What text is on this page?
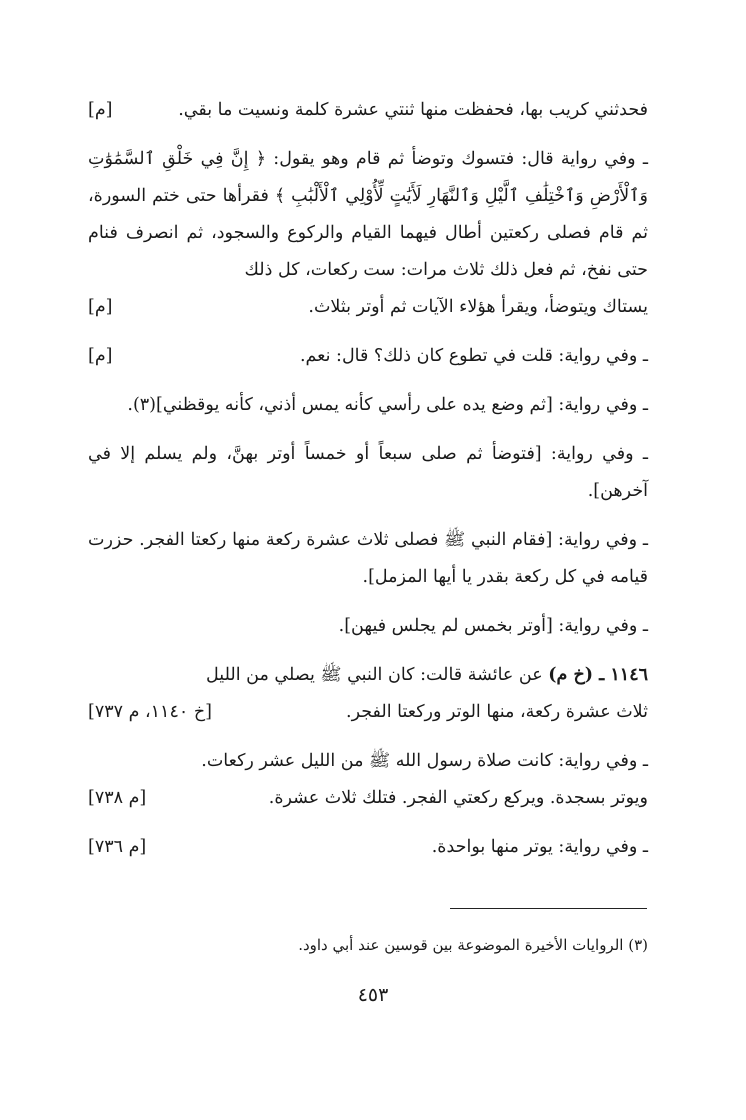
فحدثني كريب بها، فحفظت منها ثنتي عشرة كلمة ونسيت ما بقي.
[م]
ـ وفي رواية قال: فتسوك وتوضأ ثم قام وهو يقول: ﴿ إِنَّ فِي خَلْقِ ٱلسَّمَٰوَٰتِ وَٱلْأَرْضِ وَٱخْتِلَٰفِ ٱلَّيْلِ وَٱلنَّهَارِ لَأَيَٰتٍ لِّأُوْلِي ٱلْأَلْبَٰبِ ﴾ فقرأها حتى ختم السورة، ثم قام فصلى ركعتين أطال فيهما القيام والركوع والسجود، ثم انصرف فنام حتى نفخ، ثم فعل ذلك ثلاث مرات: ست ركعات، كل ذلك
يستاك ويتوضأ، ويقرأ هؤلاء الآيات ثم أوتر بثلاث.
[م]
ـ وفي رواية: قلت في تطوع كان ذلك؟ قال: نعم.
[م]
ـ وفي رواية: [ثم وضع يده على رأسي كأنه يمس أذني، كأنه يوقظني](٣).
ـ وفي رواية: [فتوضأ ثم صلى سبعاً أو خمساً أوتر بهنَّ، ولم يسلم إلا في آخرهن].
ـ وفي رواية: [فقام النبي ﷺ فصلى ثلاث عشرة ركعة منها ركعتا الفجر. حزرت قيامه في كل ركعة بقدر يا أيها المزمل].
ـ وفي رواية: [أوتر بخمس لم يجلس فيهن].
١١٤٦ ـ (خ م) عن عائشة قالت: كان النبي ﷺ يصلي من الليل
ثلاث عشرة ركعة، منها الوتر وركعتا الفجر.
[خ ١١٤٠، م ٧٣٧]
ـ وفي رواية: كانت صلاة رسول الله ﷺ من الليل عشر ركعات.
ويوتر بسجدة. ويركع ركعتي الفجر. فتلك ثلاث عشرة.
[م ٧٣٨]
ـ وفي رواية: يوتر منها بواحدة.
[م ٧٣٦]
(٣) الروايات الأخيرة الموضوعة بين قوسين عند أبي داود.
٤٥٣
